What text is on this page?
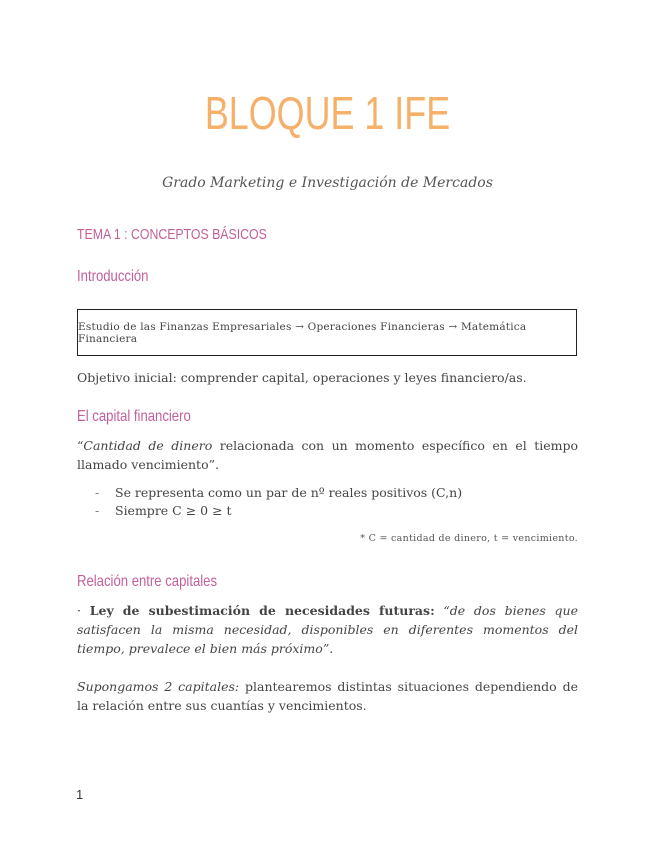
BLOQUE 1 IFE
Grado Marketing e Investigación de Mercados
TEMA 1 : CONCEPTOS BÁSICOS
Introducción
Estudio de las Finanzas Empresariales → Operaciones Financieras → Matemática Financiera
Objetivo inicial: comprender capital, operaciones y leyes financiero/as.
El capital financiero
“Cantidad de dinero relacionada con un momento específico en el tiempo llamado vencimiento”.
- Se representa como un par de nº reales positivos (C,n)
- Siempre C ≥ 0 ≥ t
* C = cantidad de dinero, t = vencimiento.
Relación entre capitales
· Ley de subestimación de necesidades futuras: “de dos bienes que satisfacen la misma necesidad, disponibles en diferentes momentos del tiempo, prevalece el bien más próximo”.
Supongamos 2 capitales: plantearemos distintas situaciones dependiendo de la relación entre sus cuantías y vencimientos.
1
